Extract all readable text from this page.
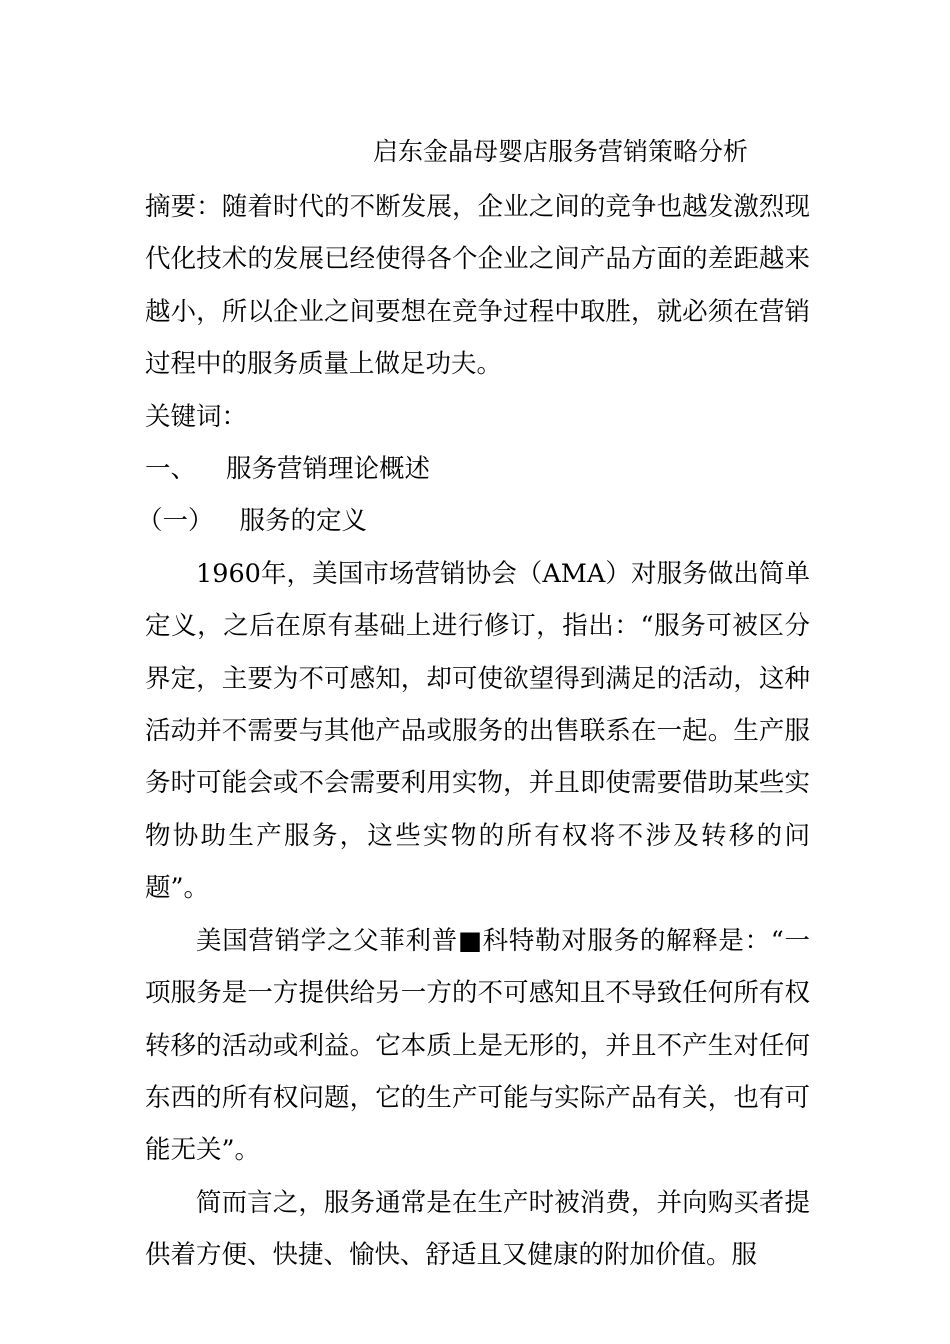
启东金晶母婴店服务营销策略分析

摘要：随着时代的不断发展，企业之间的竞争也越发激烈现代化技术的发展已经使得各个企业之间产品方面的差距越来越小，所以企业之间要想在竞争过程中取胜，就必须在营销过程中的服务质量上做足功夫。

关键词：

一、 服务营销理论概述

（一） 服务的定义

1960年，美国市场营销协会（AMA）对服务做出简单定义，之后在原有基础上进行修订，指出：“服务可被区分界定，主要为不可感知，却可使欲望得到满足的活动，这种活动并不需要与其他产品或服务的出售联系在一起。生产服务时可能会或不会需要利用实物，并且即使需要借助某些实物协助生产服务，这些实物的所有权将不涉及转移的问题”。

美国营销学之父菲利普■科特勒对服务的解释是：“一项服务是一方提供给另一方的不可感知且不导致任何所有权转移的活动或利益。它本质上是无形的，并且不产生对任何东西的所有权问题，它的生产可能与实际产品有关，也有可能无关”。

简而言之，服务通常是在生产时被消费，并向购买者提供着方便、快捷、愉快、舒适且又健康的附加价值。服
